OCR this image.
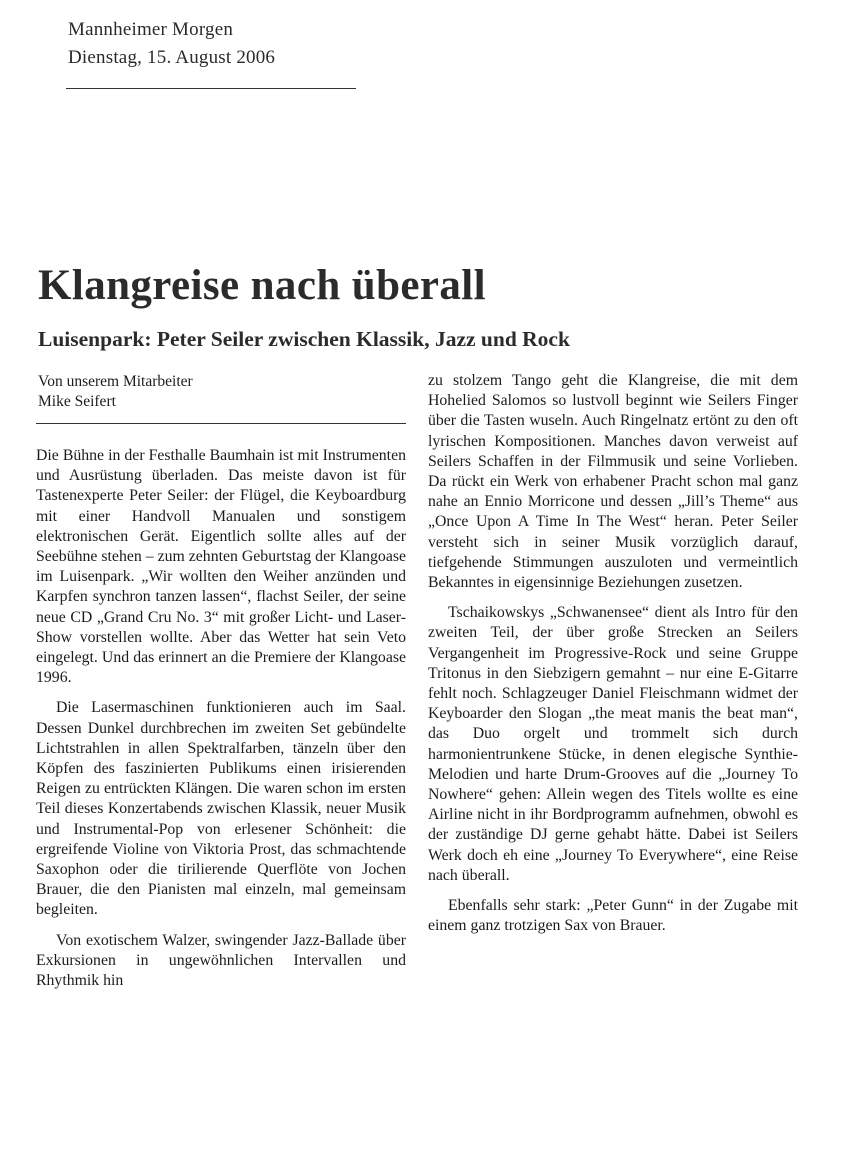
Mannheimer Morgen
Dienstag, 15. August 2006
Klangreise nach überall
Luisenpark: Peter Seiler zwischen Klassik, Jazz und Rock
Von unserem Mitarbeiter
Mike Seifert

Die Bühne in der Festhalle Baumhain ist mit Instrumenten und Ausrüstung überladen. Das meiste davon ist für Tastenexperte Peter Seiler: der Flügel, die Keyboardburg mit einer Handvoll Manualen und sonstigem elektronischen Gerät. Eigentlich sollte alles auf der Seebühne stehen – zum zehnten Geburtstag der Klangoase im Luisenpark. „Wir wollten den Weiher anzünden und Karpfen synchron tanzen lassen“, flachst Seiler, der seine neue CD „Grand Cru No. 3“ mit großer Licht- und Laser-Show vorstellen wollte. Aber das Wetter hat sein Veto eingelegt. Und das erinnert an die Premiere der Klangoase 1996.

Die Lasermaschinen funktionieren auch im Saal. Dessen Dunkel durchbrechen im zweiten Set gebündelte Lichtstrahlen in allen Spektralfarben, tänzeln über den Köpfen des faszinierten Publikums einen irisierenden Reigen zu entrückten Klängen. Die waren schon im ersten Teil dieses Konzertabends zwischen Klassik, neuer Musik und Instrumental-Pop von erlesener Schönheit: die ergreifende Violine von Viktoria Prost, das schmachtende Saxophon oder die tirilierende Querflöte von Jochen Brauer, die den Pianisten mal einzeln, mal gemeinsam begleiten.

Von exotischem Walzer, swingender Jazz-Ballade über Exkursionen in ungewöhnlichen Intervallen und Rhythmik hin

zu stolzem Tango geht die Klangreise, die mit dem Hohelied Salomos so lustvoll beginnt wie Seilers Finger über die Tasten wuseln. Auch Ringelnatz ertönt zu den oft lyrischen Kompositionen. Manches davon verweist auf Seilers Schaffen in der Filmmusik und seine Vorlieben. Da rückt ein Werk von erhabener Pracht schon mal ganz nahe an Ennio Morricone und dessen „Jill’s Theme“ aus „Once Upon A Time In The West“ heran. Peter Seiler versteht sich in seiner Musik vorzüglich darauf, tiefgehende Stimmungen auszuloten und vermeintlich Bekanntes in eigensinnige Beziehungen zusetzen.

Tschaikowskys „Schwanensee“ dient als Intro für den zweiten Teil, der über große Strecken an Seilers Vergangenheit im Progressive-Rock und seine Gruppe Tritonus in den Siebzigern gemahnt – nur eine E-Gitarre fehlt noch. Schlagzeuger Daniel Fleischmann widmet der Keyboarder den Slogan „the meat manis the beat man“, das Duo orgelt und trommelt sich durch harmonientrunkene Stücke, in denen elegische Synthie-Melodien und harte Drum-Grooves auf die „Journey To Nowhere“ gehen: Allein wegen des Titels wollte es eine Airline nicht in ihr Bordprogramm aufnehmen, obwohl es der zuständige DJ gerne gehabt hätte. Dabei ist Seilers Werk doch eh eine „Journey To Everywhere“, eine Reise nach überall.

Ebenfalls sehr stark: „Peter Gunn“ in der Zugabe mit einem ganz trotzigen Sax von Brauer.
